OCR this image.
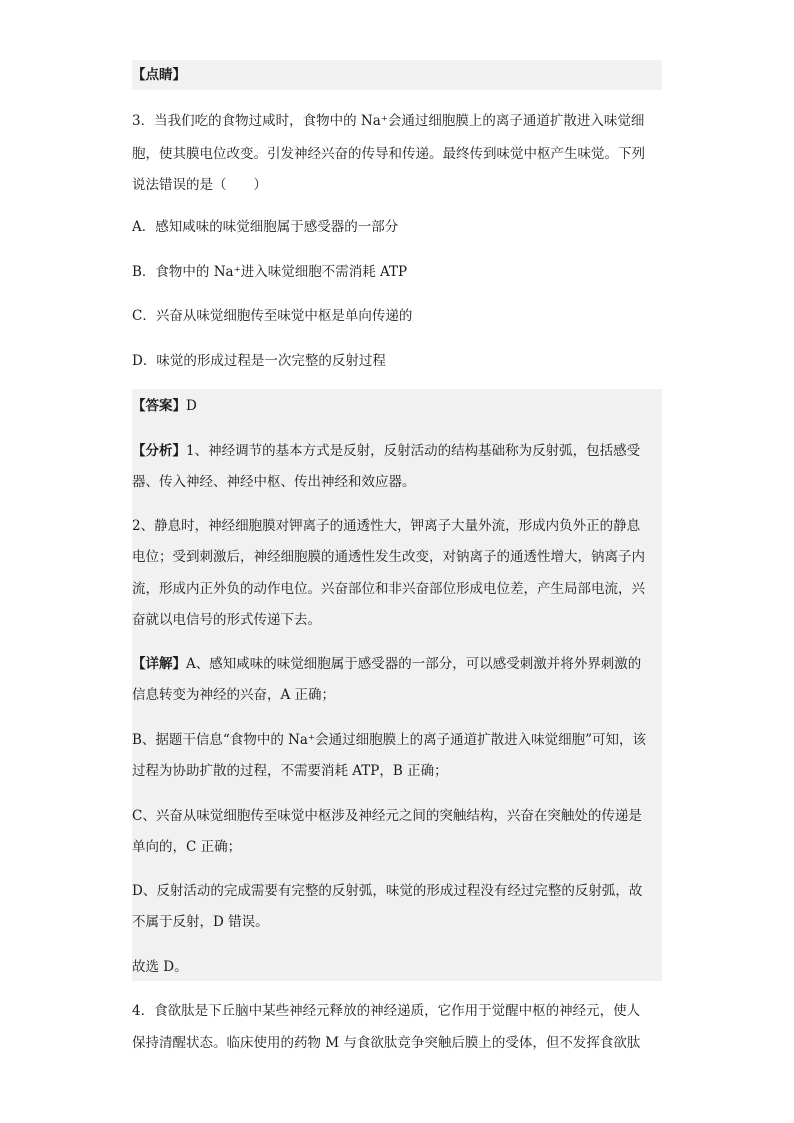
【点睛】
3．当我们吃的食物过咸时，食物中的 Na⁺会通过细胞膜上的离子通道扩散进入味觉细
胞，使其膜电位改变。引发神经兴奋的传导和传递。最终传到味觉中枢产生味觉。下列
说法错误的是（　　）
A．感知咸味的味觉细胞属于感受器的一部分
B．食物中的 Na⁺进入味觉细胞不需消耗 ATP
C．兴奋从味觉细胞传至味觉中枢是单向传递的
D．味觉的形成过程是一次完整的反射过程
【答案】D
【分析】1、神经调节的基本方式是反射，反射活动的结构基础称为反射弧，包括感受
器、传入神经、神经中枢、传出神经和效应器。
2、静息时，神经细胞膜对钾离子的通透性大，钾离子大量外流，形成内负外正的静息
电位；受到刺激后，神经细胞膜的通透性发生改变，对钠离子的通透性增大，钠离子内
流，形成内正外负的动作电位。兴奋部位和非兴奋部位形成电位差，产生局部电流，兴
奋就以电信号的形式传递下去。
【详解】A、感知咸味的味觉细胞属于感受器的一部分，可以感受刺激并将外界刺激的
信息转变为神经的兴奋，A 正确；
B、据题干信息“食物中的 Na⁺会通过细胞膜上的离子通道扩散进入味觉细胞”可知，该
过程为协助扩散的过程，不需要消耗 ATP，B 正确；
C、兴奋从味觉细胞传至味觉中枢涉及神经元之间的突触结构，兴奋在突触处的传递是
单向的，C 正确；
D、反射活动的完成需要有完整的反射弧，味觉的形成过程没有经过完整的反射弧，故
不属于反射，D 错误。
故选 D。
4．食欲肽是下丘脑中某些神经元释放的神经递质，它作用于觉醒中枢的神经元，使人
保持清醒状态。临床使用的药物 M 与食欲肽竞争突触后膜上的受体，但不发挥食欲肽
